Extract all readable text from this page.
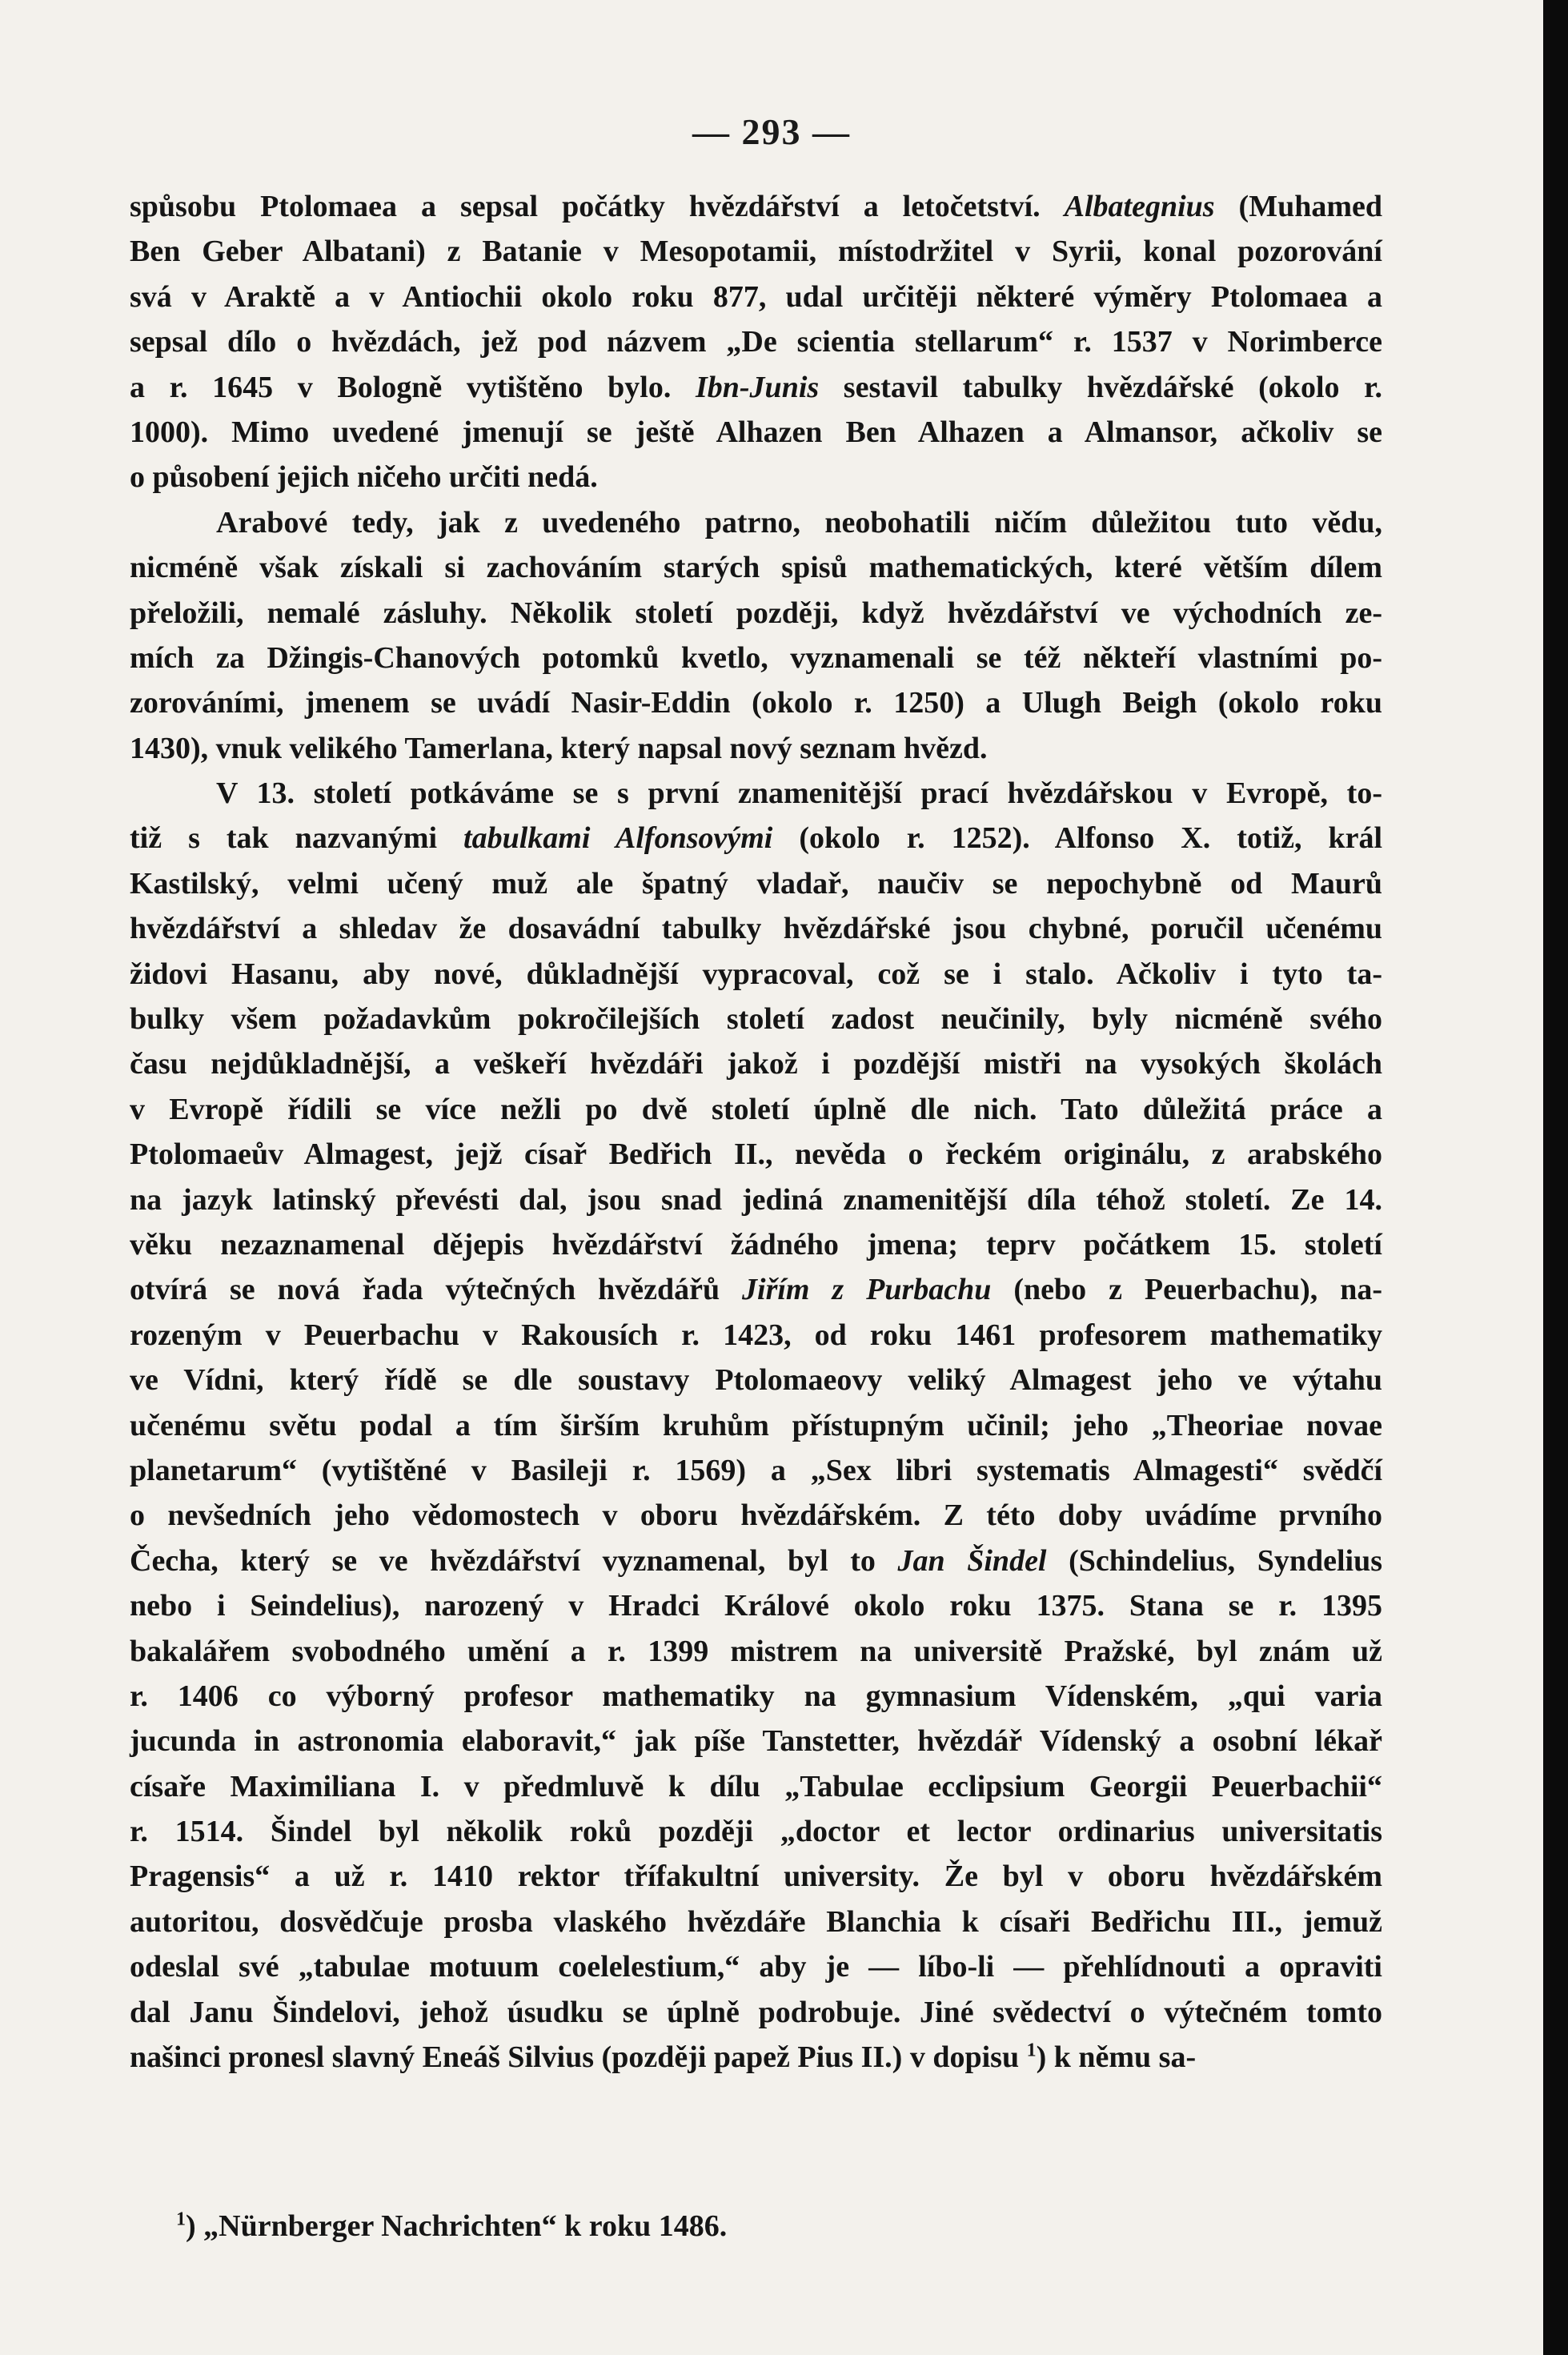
— 293 —
spůsobu Ptolomaea a sepsal počátky hvězdářství a letočetství. Albategnius (Muhamed
Ben Geber Albatani) z Batanie v Mesopotamii, místodržitel v Syrii, konal pozorování
svá v Araktě a v Antiochii okolo roku 877, udal určitěji některé výměry Ptolomaea a
sepsal dílo o hvězdách, jež pod názvem „De scientia stellarum“ r. 1537 v Norimberce
a r. 1645 v Bologně vytištěno bylo. Ibn-Junis sestavil tabulky hvězdářské (okolo r.
1000). Mimo uvedené jmenují se ještě Alhazen Ben Alhazen a Almansor, ačkoliv se
o působení jejich ničeho určiti nedá.
Arabové tedy, jak z uvedeného patrno, neobohatili ničím důležitou tuto vědu,
nicméně však získali si zachováním starých spisů mathematických, které větším dílem
přeložili, nemalé zásluhy. Několik století později, když hvězdářství ve východních ze-
mích za Džingis-Chanových potomků kvetlo, vyznamenali se též někteří vlastními po-
zorováními, jmenem se uvádí Nasir-Eddin (okolo r. 1250) a Ulugh Beigh (okolo roku
1430), vnuk velikého Tamerlana, který napsal nový seznam hvězd.
V 13. století potkáváme se s první znamenitější prací hvězdářskou v Evropě, to-
tiž s tak nazvanými tabulkami Alfonsovými (okolo r. 1252). Alfonso X. totiž, král
Kastilský, velmi učený muž ale špatný vladař, naučiv se nepochybně od Maurů
hvězdářství a shledav že dosavádní tabulky hvězdářské jsou chybné, poručil učenému
židovi Hasanu, aby nové, důkladnější vypracoval, což se i stalo. Ačkoliv i tyto ta-
bulky všem požadavkům pokročilejších století zadost neučinily, byly nicméně svého
času nejdůkladnější, a veškeří hvězdáři jakož i pozdější mistři na vysokých školách
v Evropě řídili se více nežli po dvě století úplně dle nich. Tato důležitá práce a
Ptolomaeův Almagest, jejž císař Bedřich II., nevěda o řeckém originálu, z arabského
na jazyk latinský převésti dal, jsou snad jediná znamenitější díla téhož století. Ze 14.
věku nezaznamenal dějepis hvězdářství žádného jmena; teprv počátkem 15. století
otvírá se nová řada výtečných hvězdářů Jiřím z Purbachu (nebo z Peuerbachu), na-
rozeným v Peuerbachu v Rakousích r. 1423, od roku 1461 profesorem mathematiky
ve Vídni, který řídě se dle soustavy Ptolomaeovy veliký Almagest jeho ve výtahu
učenému světu podal a tím širším kruhům přístupným učinil; jeho „Theoriae novae
planetarum“ (vytištěné v Basileji r. 1569) a „Sex libri systematis Almagesti“ svědčí
o nevšedních jeho vědomostech v oboru hvězdářském. Z této doby uvádíme prvního
Čecha, který se ve hvězdářství vyznamenal, byl to Jan Šindel (Schindelius, Syndelius
nebo i Seindelius), narozený v Hradci Králové okolo roku 1375. Stana se r. 1395
bakalářem svobodného umění a r. 1399 mistrem na universitě Pražské, byl znám už
r. 1406 co výborný profesor mathematiky na gymnasium Vídenském, „qui varia
jucunda in astronomia elaboravit,“ jak píše Tanstetter, hvězdář Vídenský a osobní lékař
císaře Maximiliana I. v předmluvě k dílu „Tabulae ecclipsium Georgii Peuerbachii“
r. 1514. Šindel byl několik roků později „doctor et lector ordinarius universitatis
Pragensis“ a už r. 1410 rektor třífakultní university. Že byl v oboru hvězdářském
autoritou, dosvědčuje prosba vlaského hvězdáře Blanchia k císaři Bedřichu III., jemuž
odeslal své „tabulae motuum coelelestium,“ aby je — líbo-li — přehlídnouti a opraviti
dal Janu Šindelovi, jehož úsudku se úplně podrobuje. Jiné svědectví o výtečném tomto
našinci pronesl slavný Eneáš Silvius (později papež Pius II.) v dopisu $^1$) k němu sa-
$^1$) „Nürnberger Nachrichten“ k roku 1486.
